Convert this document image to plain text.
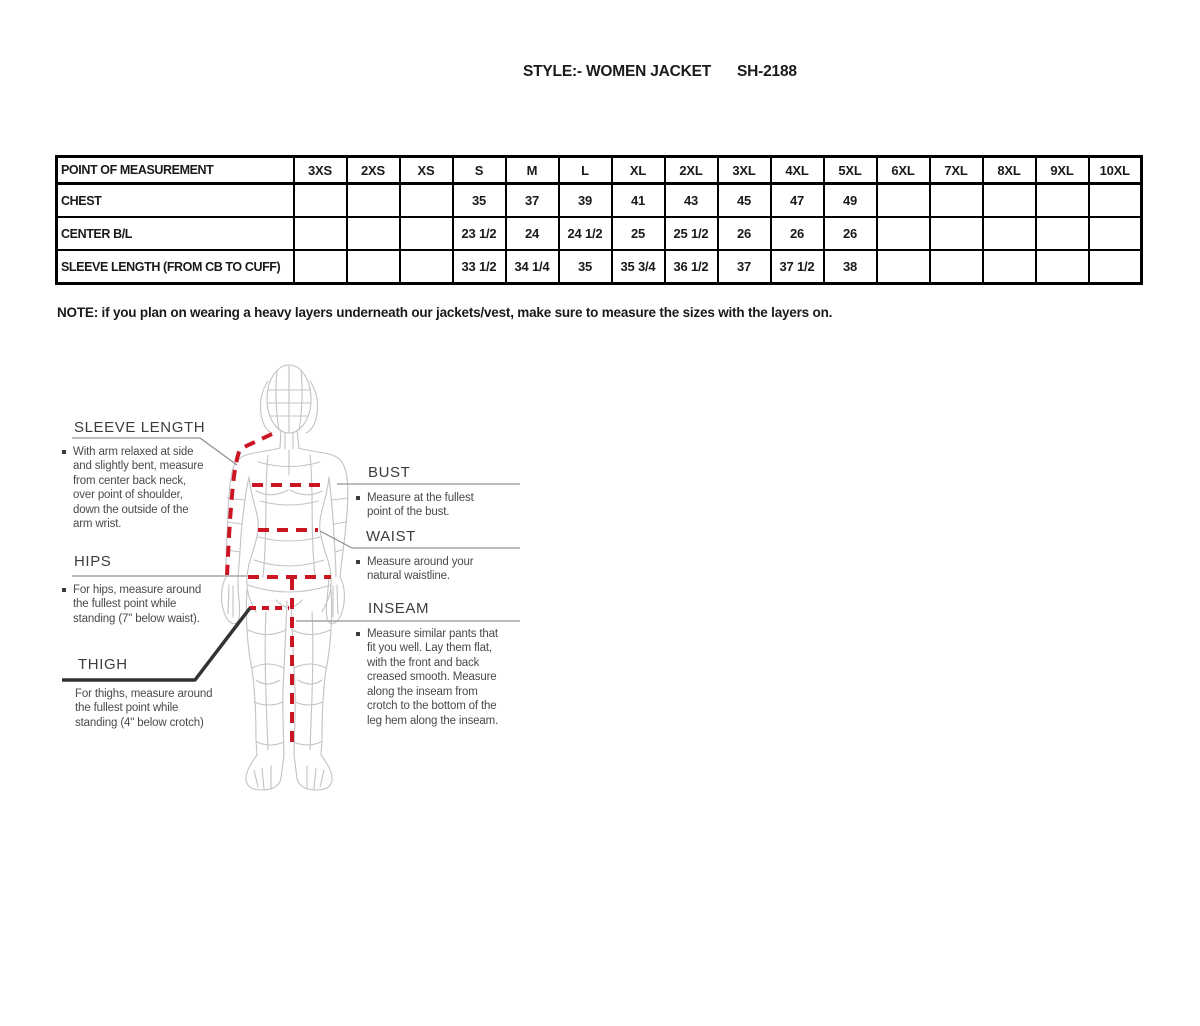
STYLE:- WOMEN JACKET SH-2188
POINT OF MEASUREMENT	3XS	2XS	XS	S	M	L	XL	2XL	3XL	4XL	5XL	6XL	7XL	8XL	9XL	10XL
CHEST				35	37	39	41	43	45	47	49					
CENTER B/L				23 1/2	24	24 1/2	25	25 1/2	26	26	26					
SLEEVE LENGTH (FROM CB TO CUFF)				33 1/2	34 1/4	35	35 3/4	36 1/2	37	37 1/2	38					
NOTE: if you plan on wearing a heavy layers underneath our jackets/vest, make sure to measure the sizes with the layers on.
SLEEVE LENGTH

With arm relaxed at side and slightly bent, measure from center back neck, over point of shoulder, down the outside of the arm wrist.

HIPS

For hips, measure around the fullest point while standing (7" below waist).

THIGH

For thighs, measure around the fullest point while standing (4" below crotch)

BUST

Measure at the fullest point of the bust.

WAIST

Measure around your natural waistline.

INSEAM

Measure similar pants that fit you well. Lay them flat, with the front and back creased smooth. Measure along the inseam from crotch to the bottom of the leg hem along the inseam.
